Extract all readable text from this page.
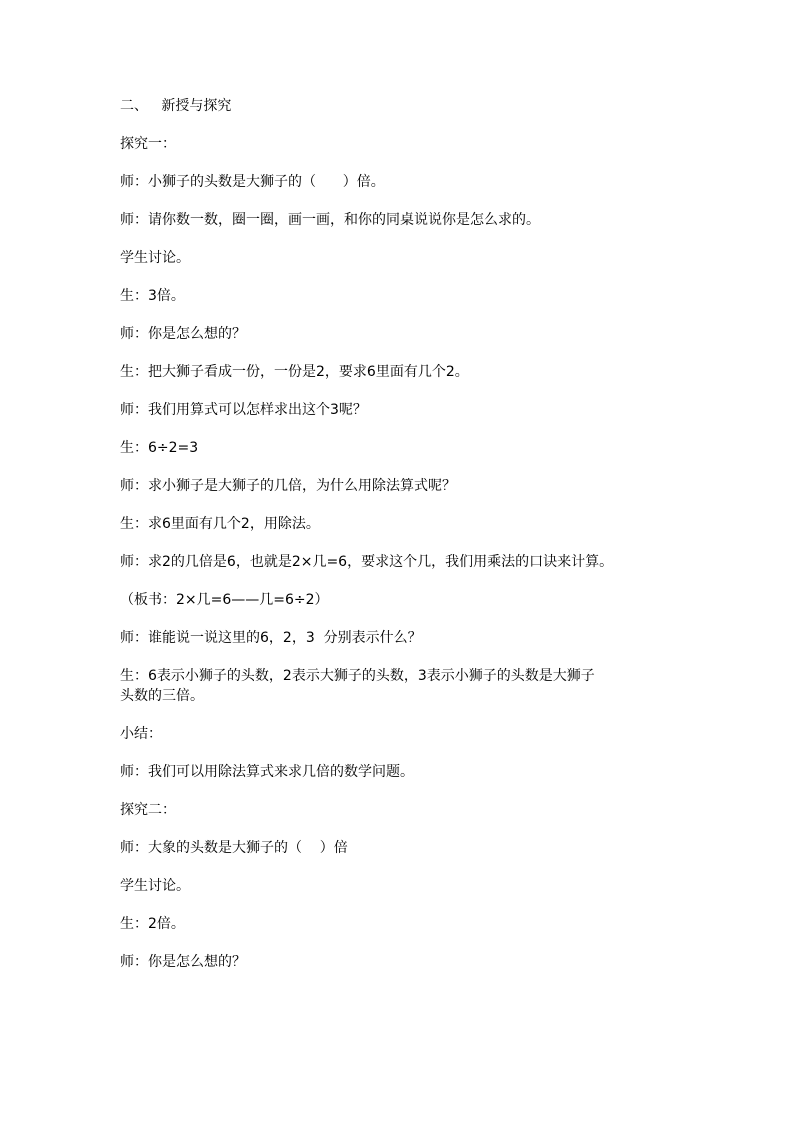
二、   新授与探究
探究一：
师：小狮子的头数是大狮子的（      ）倍。
师：请你数一数，圈一圈，画一画，和你的同桌说说你是怎么求的。
学生讨论。
生：3倍。
师：你是怎么想的？
生：把大狮子看成一份，一份是2，要求6里面有几个2。
师：我们用算式可以怎样求出这个3呢？
生：6÷2=3
师：求小狮子是大狮子的几倍，为什么用除法算式呢？
生：求6里面有几个2，用除法。
师：求2的几倍是6，也就是2×几=6，要求这个几，我们用乘法的口诀来计算。
（板书：2×几=6——几=6÷2）
师：谁能说一说这里的6，2，3  分别表示什么？
生：6表示小狮子的头数，2表示大狮子的头数，3表示小狮子的头数是大狮子
头数的三倍。
小结：
师：我们可以用除法算式来求几倍的数学问题。
探究二：
师：大象的头数是大狮子的（    ）倍
学生讨论。
生：2倍。
师：你是怎么想的？
